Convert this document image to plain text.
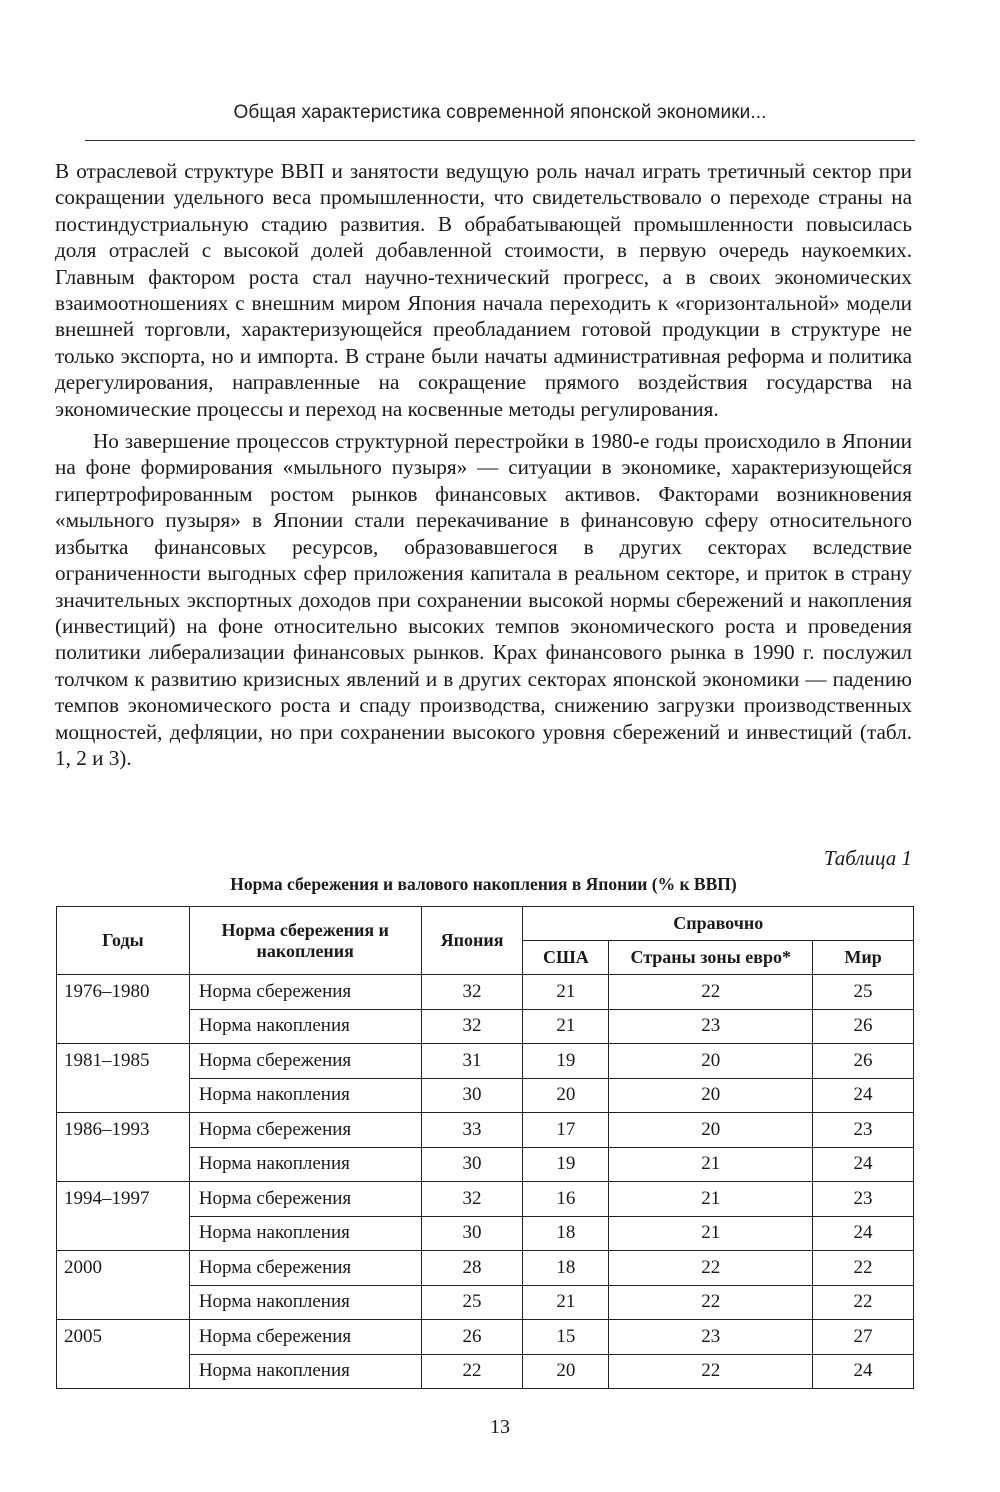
Общая характеристика современной японской экономики...

В отраслевой структуре ВВП и занятости ведущую роль начал играть третичный сектор при сокращении удельного веса промышленности, что свидетельствовало о переходе страны на постиндустриальную стадию развития. В обрабатывающей промышленности повысилась доля отраслей с высокой долей добавленной стоимости, в первую очередь наукоемких. Главным фактором роста стал научно-технический прогресс, а в своих экономических взаимоотношениях с внешним миром Япония начала переходить к «горизонтальной» модели внешней торговли, характеризующейся преобладанием готовой продукции в структуре не только экспорта, но и импорта. В стране были начаты административная реформа и политика дерегулирования, направленные на сокращение прямого воздействия государства на экономические процессы и переход на косвенные методы регулирования.

Но завершение процессов структурной перестройки в 1980-е годы происходило в Японии на фоне формирования «мыльного пузыря» — ситуации в экономике, характеризующейся гипертрофированным ростом рынков финансовых активов. Факторами возникновения «мыльного пузыря» в Японии стали перекачивание в финансовую сферу относительного избытка финансовых ресурсов, образовавшегося в других секторах вследствие ограниченности выгодных сфер приложения капитала в реальном секторе, и приток в страну значительных экспортных доходов при сохранении высокой нормы сбережений и накопления (инвестиций) на фоне относительно высоких темпов экономического роста и проведения политики либерализации финансовых рынков. Крах финансового рынка в 1990 г. послужил толчком к развитию кризисных явлений и в других секторах японской экономики — падению темпов экономического роста и спаду производства, снижению загрузки производственных мощностей, дефляции, но при сохранении высокого уровня сбережений и инвестиций (табл. 1, 2 и 3).

Таблица 1
Норма сбережения и валового накопления в Японии (% к ВВП)
Годы	Норма сбережения и накопления	Япония	Справочно		
			США	Страны зоны евро*	Мир
1976–1980	Норма сбережения	32	21	22	25
	Норма накопления	32	21	23	26
1981–1985	Норма сбережения	31	19	20	26
	Норма накопления	30	20	20	24
1986–1993	Норма сбережения	33	17	20	23
	Норма накопления	30	19	21	24
1994–1997	Норма сбережения	32	16	21	23
	Норма накопления	30	18	21	24
2000	Норма сбережения	28	18	22	22
	Норма накопления	25	21	22	22
2005	Норма сбережения	26	15	23	27
	Норма накопления	22	20	22	24
13
